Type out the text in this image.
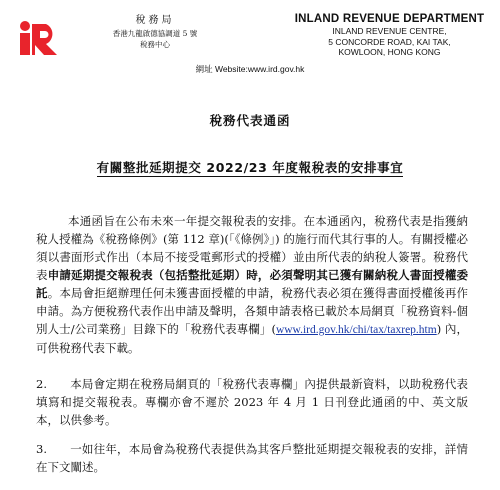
稅務局
香港九龍啟德協調道 5 號
稅務中心
INLAND REVENUE DEPARTMENT
INLAND REVENUE CENTRE,
5 CONCORDE ROAD, KAI TAK,
KOWLOON, HONG KONG
網址 Website:www.ird.gov.hk
稅務代表通函
有關整批延期提交 2022/23 年度報稅表的安排事宜
本通函旨在公布未來一年提交報稅表的安排。在本通函內，稅務代表是指獲納稅人授權為《稅務條例》(第 112 章)(「《條例》」) 的施行而代其行事的人。有關授權必須以書面形式作出（本局不接受電郵形式的授權）並由所代表的納稅人簽署。稅務代表申請延期提交報稅表（包括整批延期）時，必須聲明其已獲有關納稅人書面授權委託。本局會拒絕辦理任何未獲書面授權的申請，稅務代表必須在獲得書面授權後再作申請。為方便稅務代表作出申請及聲明，各類申請表格已載於本局網頁「稅務資料-個別人士/公司業務」目錄下的「稅務代表專欄」(www.ird.gov.hk/chi/tax/taxrep.htm) 內，可供稅務代表下載。
2. 本局會定期在稅務局網頁的「稅務代表專欄」內提供最新資料，以助稅務代表填寫和提交報稅表。專欄亦會不遲於 2023 年 4 月 1 日刊登此通函的中、英文版本，以供參考。
3. 一如往年，本局會為稅務代表提供為其客戶整批延期提交報稅表的安排，詳情在下文闡述。
